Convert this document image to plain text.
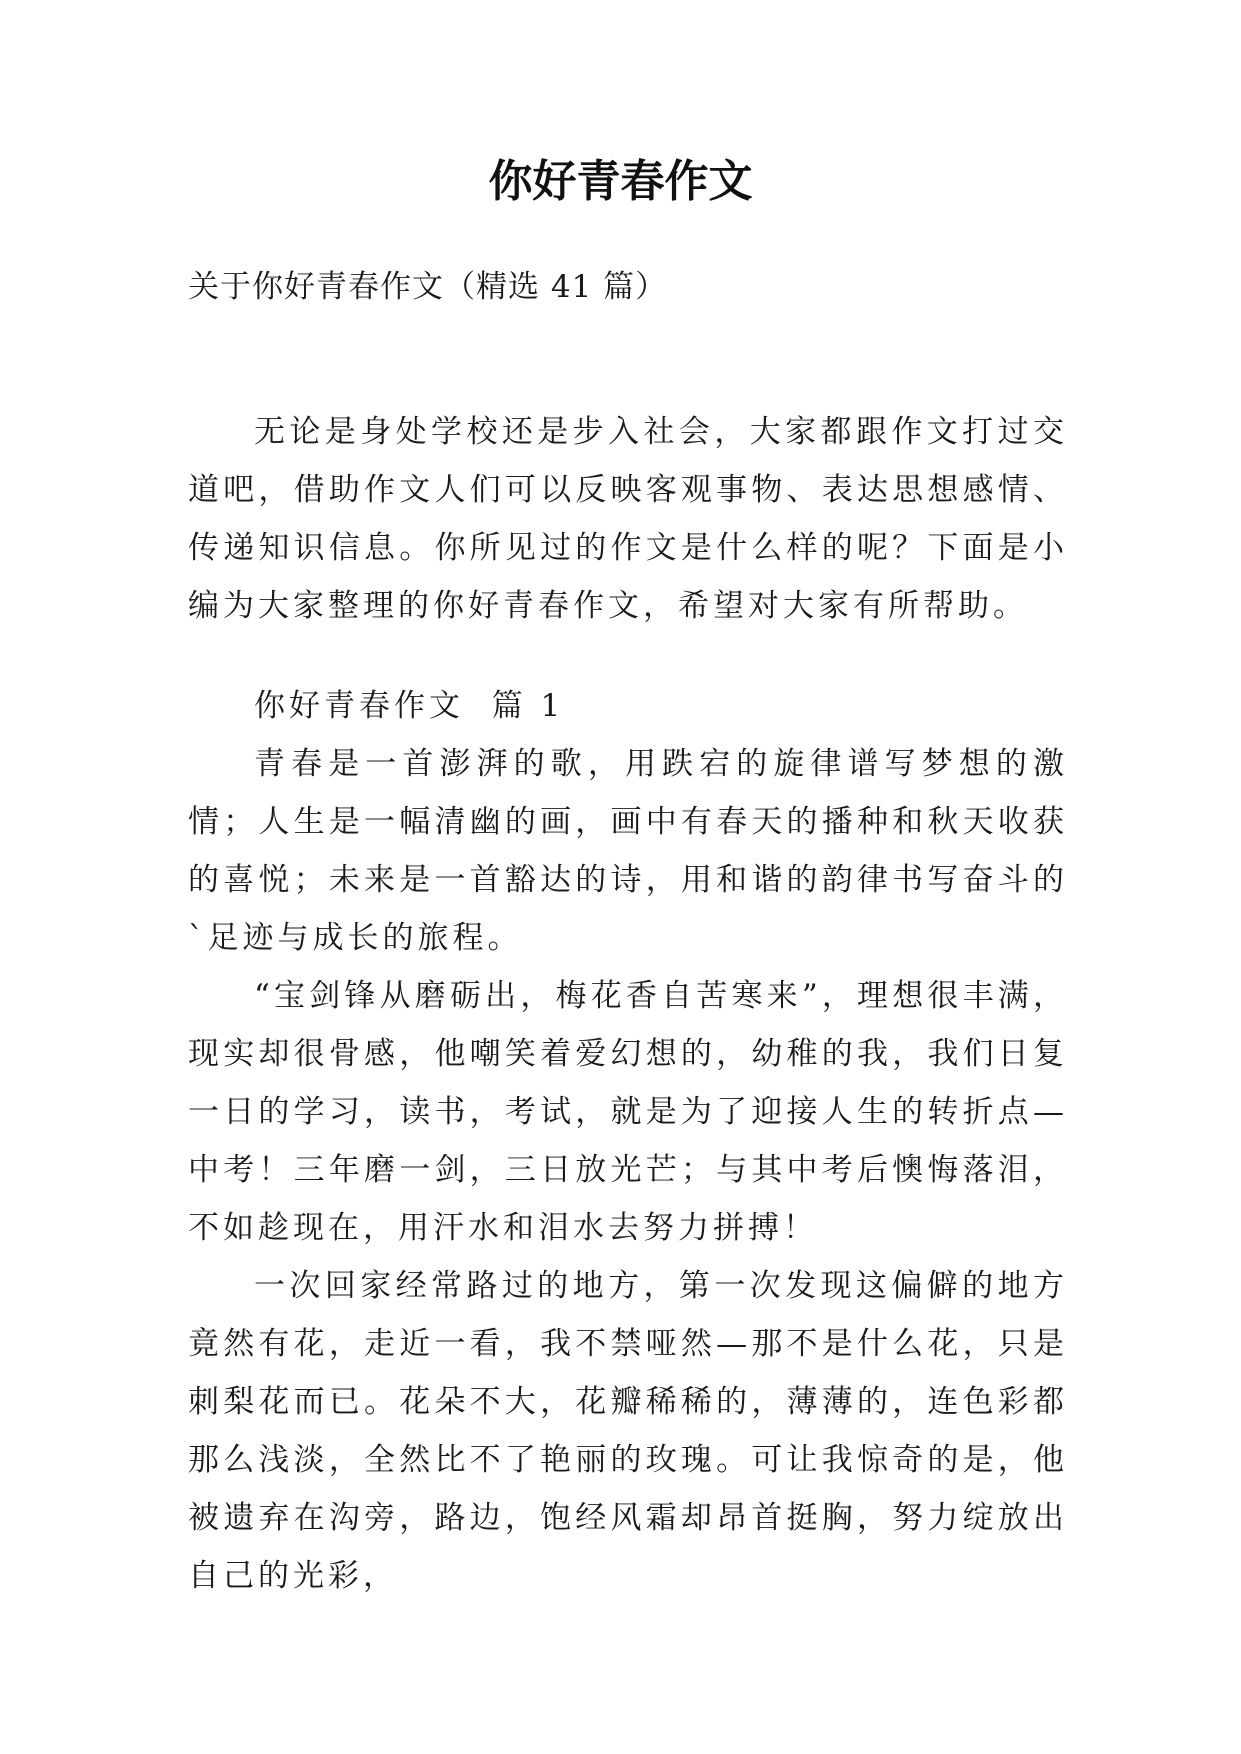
你好青春作文

关于你好青春作文（精选 41 篇）

无论是身处学校还是步入社会，大家都跟作文打过交道吧，借助作文人们可以反映客观事物、表达思想感情、传递知识信息。你所见过的作文是什么样的呢？下面是小编为大家整理的你好青春作文，希望对大家有所帮助。

你好青春作文  篇 1

青春是一首澎湃的歌，用跌宕的旋律谱写梦想的激情；人生是一幅清幽的画，画中有春天的播种和秋天收获的喜悦；未来是一首豁达的诗，用和谐的韵律书写奋斗的`足迹与成长的旅程。

“宝剑锋从磨砺出，梅花香自苦寒来”，理想很丰满，现实却很骨感，他嘲笑着爱幻想的，幼稚的我，我们日复一日的学习，读书，考试，就是为了迎接人生的转折点—中考！三年磨一剑，三日放光芒；与其中考后懊悔落泪，不如趁现在，用汗水和泪水去努力拼搏！

一次回家经常路过的地方，第一次发现这偏僻的地方竟然有花，走近一看，我不禁哑然—那不是什么花，只是刺梨花而已。花朵不大，花瓣稀稀的，薄薄的，连色彩都那么浅淡，全然比不了艳丽的玫瑰。可让我惊奇的是，他被遗弃在沟旁，路边，饱经风霜却昂首挺胸，努力绽放出自己的光彩，
